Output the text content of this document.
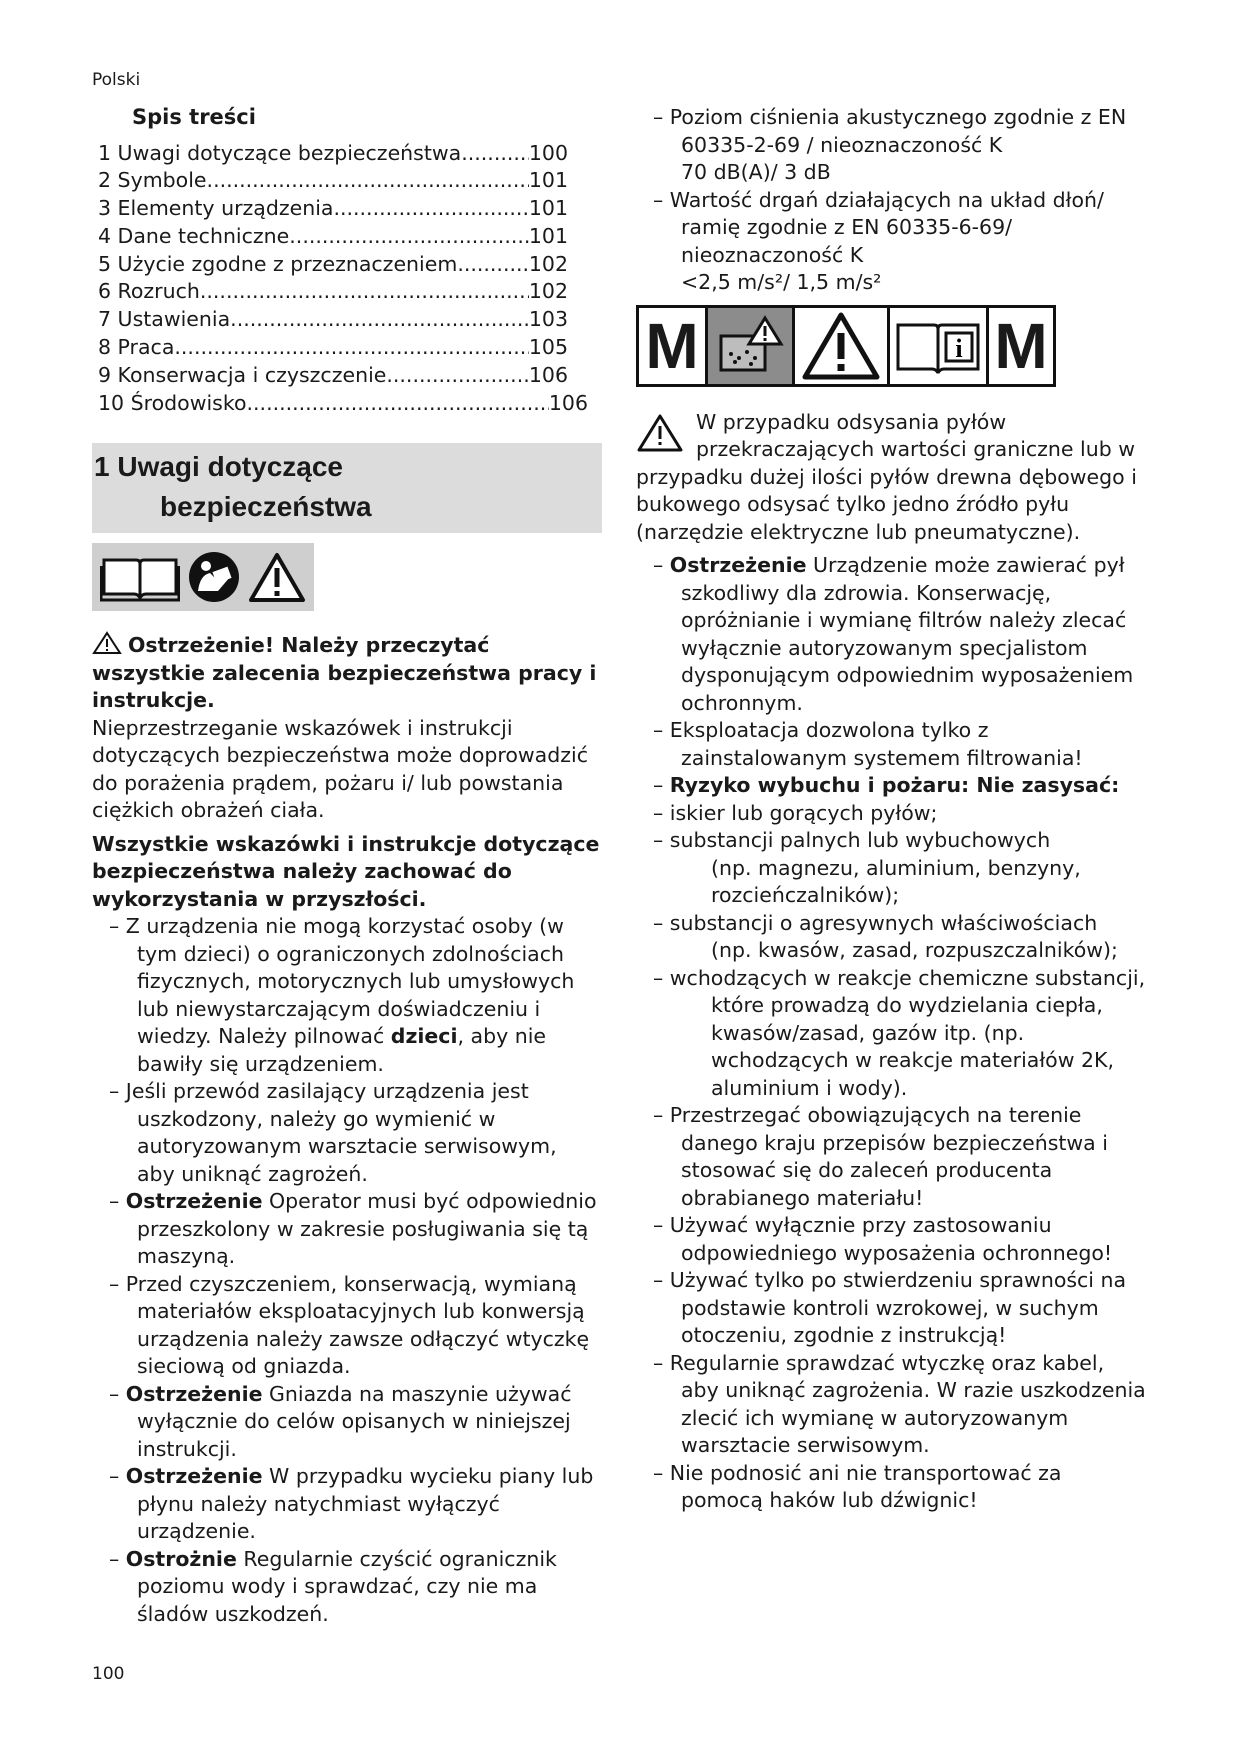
Polski

Spis treści

1 Uwagi dotyczące bezpieczeństwa .....	100
2 Symbole .....	101
3 Elementy urządzenia .....	101
4 Dane techniczne .....	101
5 Użycie zgodne z przeznaczeniem .....	102
6 Rozruch .....	102
7 Ustawienia .....	103
8 Praca .....	105
9 Konserwacja i czyszczenie .....	106
10 Środowisko .....	106
1 Uwagi dotyczące
bezpieczeństwa

Ostrzeżenie! Należy przeczytać wszystkie zalecenia bezpieczeństwa pracy i instrukcje.

Nieprzestrzeganie wskazówek i instrukcji dotyczących bezpieczeństwa może doprowadzić do porażenia prądem, pożaru i/ lub powstania ciężkich obrażeń ciała.

Wszystkie wskazówki i instrukcje dotyczące bezpieczeństwa należy zachować do wykorzystania w przyszłości.

– Z urządzenia nie mogą korzystać osoby (w tym dzieci) o ograniczonych zdolnościach fizycznych, motorycznych lub umysłowych lub niewystarczającym doświadczeniu i wiedzy. Należy pilnować dzieci, aby nie bawiły się urządzeniem.
– Jeśli przewód zasilający urządzenia jest uszkodzony, należy go wymienić w autoryzowanym warsztacie serwisowym, aby uniknąć zagrożeń.
– Ostrzeżenie Operator musi być odpowiednio przeszkolony w zakresie posługiwania się tą maszyną.
– Przed czyszczeniem, konserwacją, wymianą materiałów eksploatacyjnych lub konwersją urządzenia należy zawsze odłączyć wtyczkę sieciową od gniazda.
– Ostrzeżenie Gniazda na maszynie używać wyłącznie do celów opisanych w niniejszej instrukcji.
– Ostrzeżenie W przypadku wycieku piany lub płynu należy natychmiast wyłączyć urządzenie.
– Ostrożnie Regularnie czyścić ogranicznik poziomu wody i sprawdzać, czy nie ma śladów uszkodzeń.
– Poziom ciśnienia akustycznego zgodnie z EN 60335-2-69 / nieoznaczoność K
70 dB(A)/ 3 dB
– Wartość drgań działających na układ dłoń/ ramię zgodnie z EN 60335-6-69/ nieoznaczoność K
<2,5 m/s²/ 1,5 m/s²
M	i M

W przypadku odsysania pyłów przekraczających wartości graniczne lub w przypadku dużej ilości pyłów drewna dębowego i bukowego odsysać tylko jedno źródło pyłu (narzędzie elektryczne lub pneumatyczne).

– Ostrzeżenie Urządzenie może zawierać pył szkodliwy dla zdrowia. Konserwację, opróżnianie i wymianę filtrów należy zlecać wyłącznie autoryzowanym specjalistom dysponującym odpowiednim wyposażeniem ochronnym.
– Eksploatacja dozwolona tylko z zainstalowanym systemem filtrowania!
– Ryzyko wybuchu i pożaru: Nie zasysać:
– iskier lub gorących pyłów;
– substancji palnych lub wybuchowych
(np. magnezu, aluminium, benzyny, rozcieńczalników);
– substancji o agresywnych właściwościach
(np. kwasów, zasad, rozpuszczalników);
– wchodzących w reakcje chemiczne substancji,
które prowadzą do wydzielania ciepła, kwasów/zasad, gazów itp. (np. wchodzących w reakcje materiałów 2K, aluminium i wody).
– Przestrzegać obowiązujących na terenie danego kraju przepisów bezpieczeństwa i stosować się do zaleceń producenta obrabianego materiału!
– Używać wyłącznie przy zastosowaniu odpowiedniego wyposażenia ochronnego!
– Używać tylko po stwierdzeniu sprawności na podstawie kontroli wzrokowej, w suchym otoczeniu, zgodnie z instrukcją!
– Regularnie sprawdzać wtyczkę oraz kabel, aby uniknąć zagrożenia. W razie uszkodzenia zlecić ich wymianę w autoryzowanym warsztacie serwisowym.
– Nie podnosić ani nie transportować za pomocą haków lub dźwignic!
100
